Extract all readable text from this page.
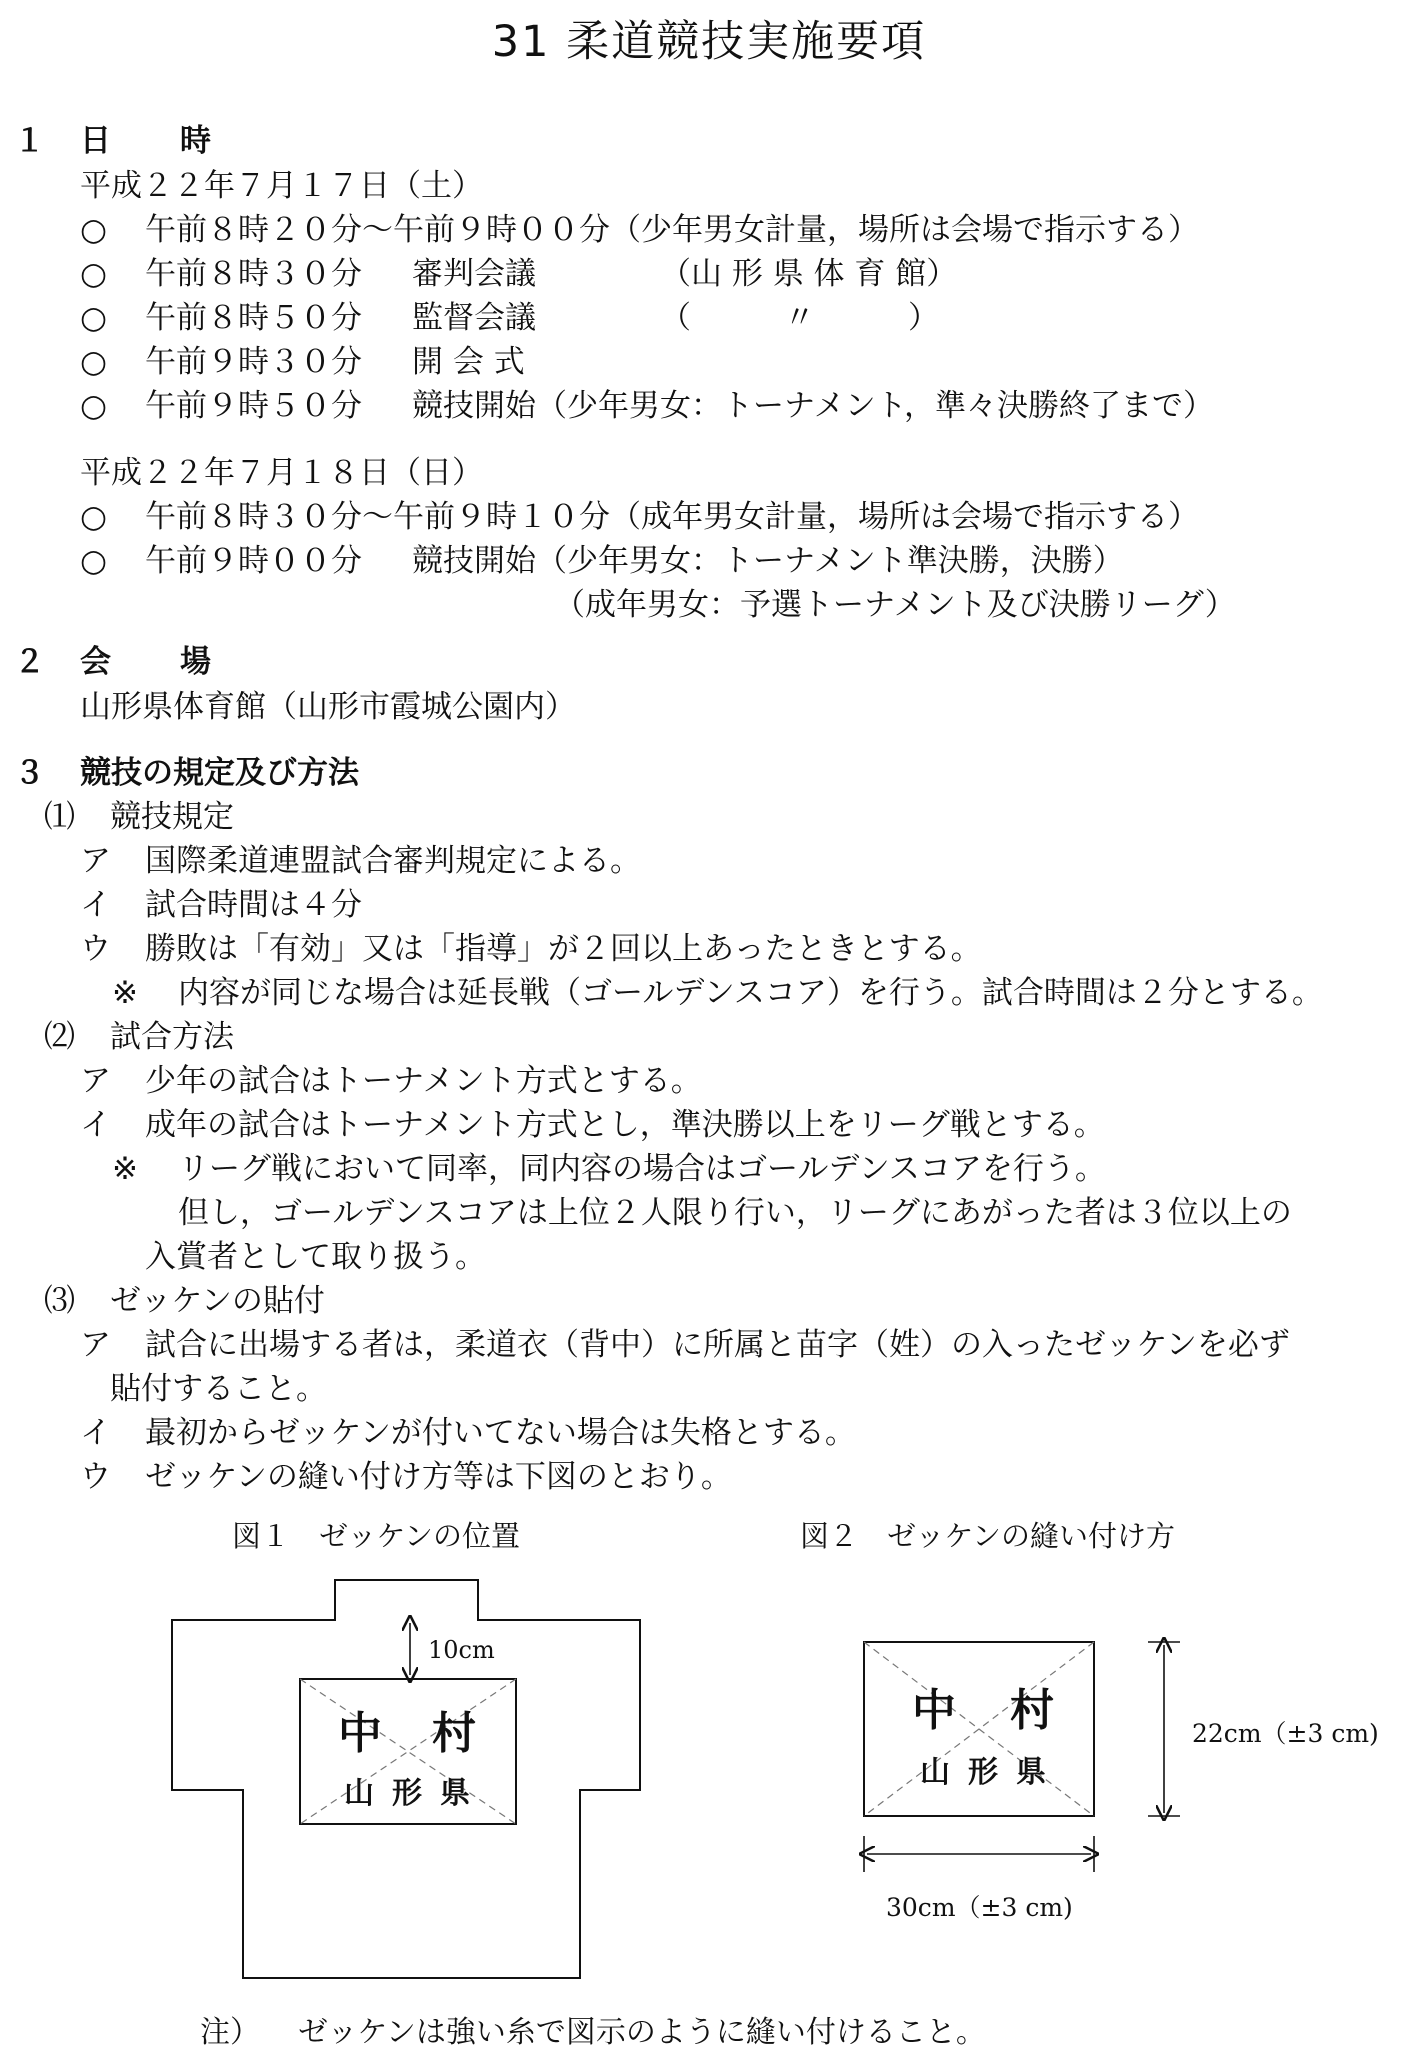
31 柔道競技実施要項
１ 日 時
平成２２年７月１７日（土）
○ 午前８時２０分～午前９時００分（少年男女計量，場所は会場で指示する）
○ 午前８時３０分 審判会議	（山 形 県 体 育 館）
○ 午前８時５０分 監督会議	（　　　〃　　　）
○ 午前９時３０分 開 会 式
○ 午前９時５０分 競技開始（少年男女：トーナメント，準々決勝終了まで）
平成２２年７月１８日（日）
○ 午前８時３０分～午前９時１０分（成年男女計量，場所は会場で指示する）
○ 午前９時００分 競技開始（少年男女：トーナメント準決勝，決勝）
（成年男女：予選トーナメント及び決勝リーグ）
２ 会 場
山形県体育館（山形市霞城公園内）
３ 競技の規定及び方法
⑴ 競技規定
ア 国際柔道連盟試合審判規定による。
イ 試合時間は４分
ウ 勝敗は「有効」又は「指導」が２回以上あったときとする。
※ 内容が同じな場合は延長戦（ゴールデンスコア）を行う。試合時間は２分とする。
⑵ 試合方法
ア 少年の試合はトーナメント方式とする。
イ 成年の試合はトーナメント方式とし，準決勝以上をリーグ戦とする。
※ リーグ戦において同率，同内容の場合はゴールデンスコアを行う。
但し，ゴールデンスコアは上位２人限り行い，リーグにあがった者は３位以上の
入賞者として取り扱う。
⑶ ゼッケンの貼付
ア 試合に出場する者は，柔道衣（背中）に所属と苗字（姓）の入ったゼッケンを必ず
貼付すること。
イ 最初からゼッケンが付いてない場合は失格とする。
ウ ゼッケンの縫い付け方等は下図のとおり。
図１　ゼッケンの位置	図２　ゼッケンの縫い付け方
10cm
中 村
山 形 県
中 村
山 形 県
22cm（±3 cm)
30cm（±3 cm)
注） ゼッケンは強い糸で図示のように縫い付けること。
